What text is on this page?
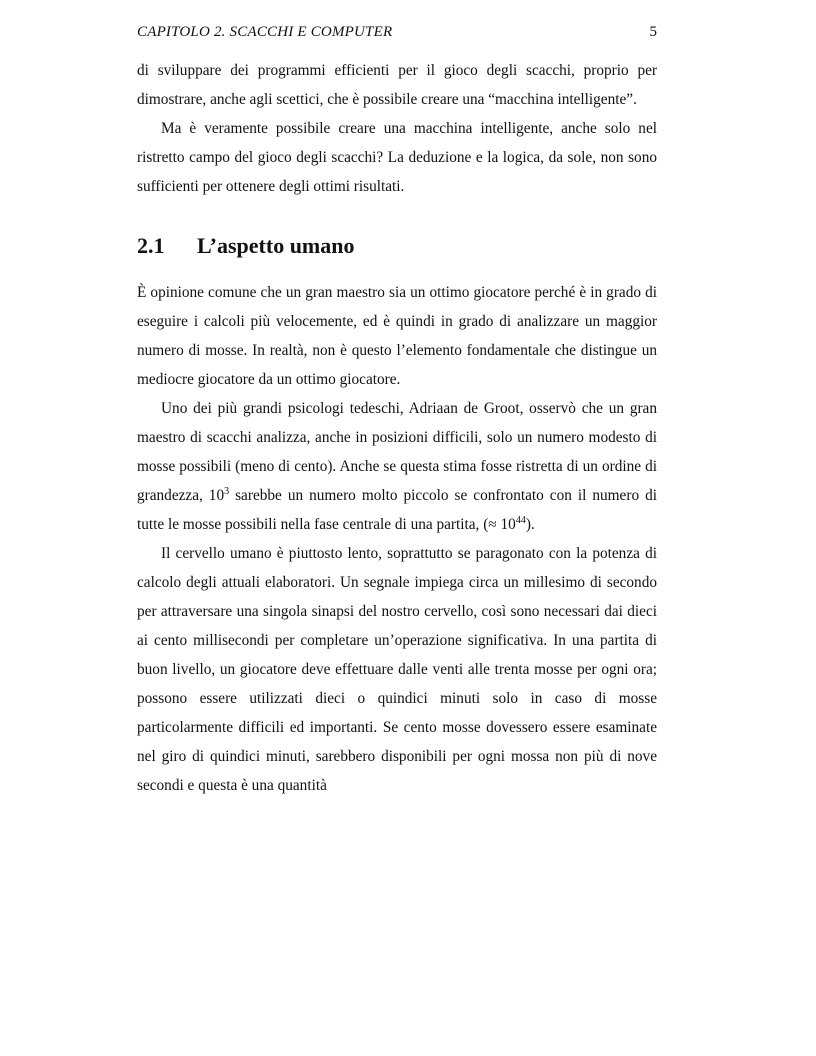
CAPITOLO 2. SCACCHI E COMPUTER	5

di sviluppare dei programmi efficienti per il gioco degli scacchi, proprio per dimostrare, anche agli scettici, che è possibile creare una “macchina intelligente”.

Ma è veramente possibile creare una macchina intelligente, anche solo nel ristretto campo del gioco degli scacchi? La deduzione e la logica, da sole, non sono sufficienti per ottenere degli ottimi risultati.

2.1	L’aspetto umano

È opinione comune che un gran maestro sia un ottimo giocatore perché è in grado di eseguire i calcoli più velocemente, ed è quindi in grado di analizzare un maggior numero di mosse. In realtà, non è questo l’elemento fondamentale che distingue un mediocre giocatore da un ottimo giocatore.

Uno dei più grandi psicologi tedeschi, Adriaan de Groot, osservò che un gran maestro di scacchi analizza, anche in posizioni difficili, solo un numero modesto di mosse possibili (meno di cento). Anche se questa stima fosse ristretta di un ordine di grandezza, $10^3$ sarebbe un numero molto piccolo se confrontato con il numero di tutte le mosse possibili nella fase centrale di una partita, (≈ $10^{44}$).

Il cervello umano è piuttosto lento, soprattutto se paragonato con la potenza di calcolo degli attuali elaboratori. Un segnale impiega circa un millesimo di secondo per attraversare una singola sinapsi del nostro cervello, così sono necessari dai dieci ai cento millisecondi per completare un’operazione significativa. In una partita di buon livello, un giocatore deve effettuare dalle venti alle trenta mosse per ogni ora; possono essere utilizzati dieci o quindici minuti solo in caso di mosse particolarmente difficili ed importanti. Se cento mosse dovessero essere esaminate nel giro di quindici minuti, sarebbero disponibili per ogni mossa non più di nove secondi e questa è una quantità
